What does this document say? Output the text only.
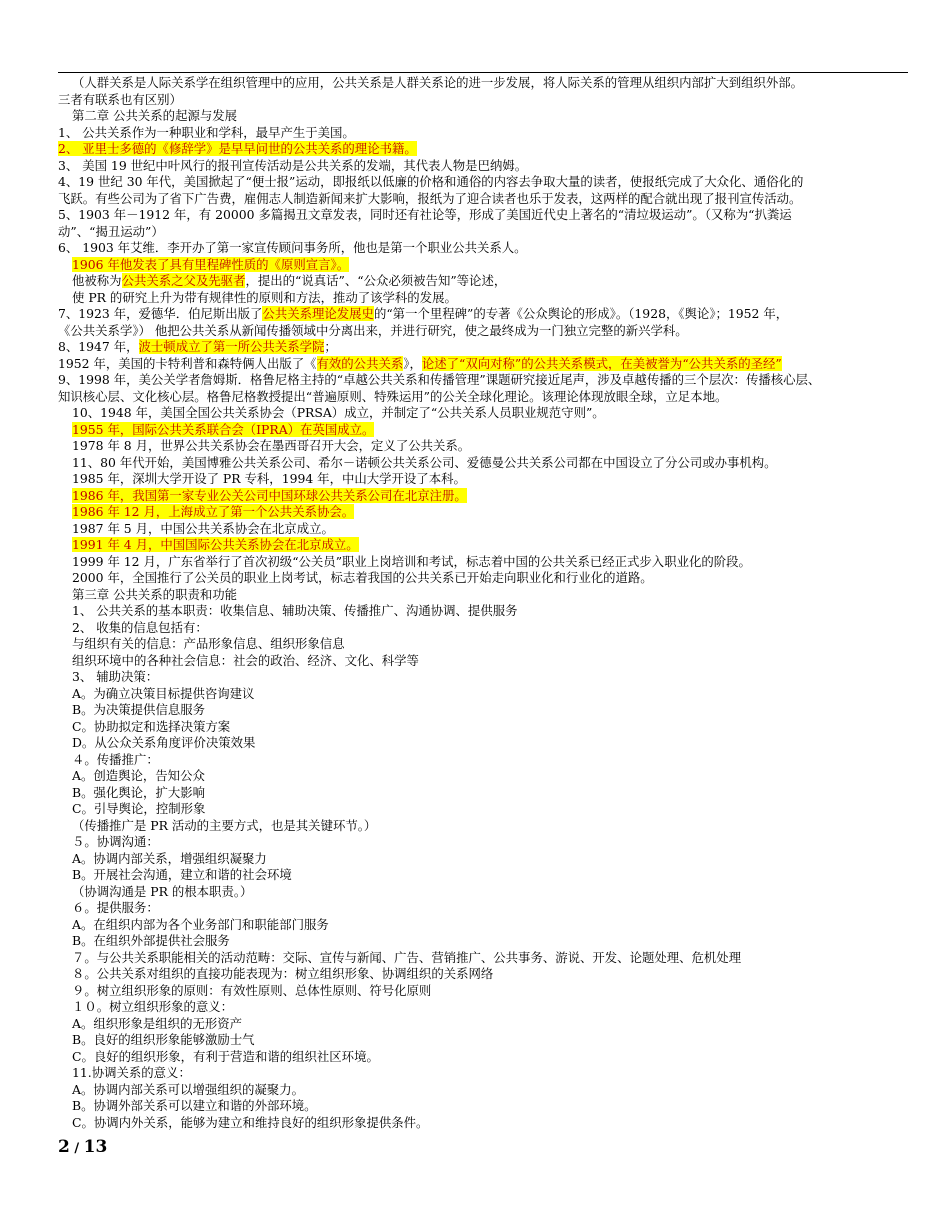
（人群关系是人际关系学在组织管理中的应用，公共关系是人群关系论的进一步发展，将人际关系的管理从组织内部扩大到组织外部。
三者有联系也有区别）
第二章 公共关系的起源与发展
1、 公共关系作为一种职业和学科，最早产生于美国。
2、 亚里士多德的《修辞学》是早早问世的公共关系的理论书籍。
3、 美国 19 世纪中叶风行的报刊宣传活动是公共关系的发端，其代表人物是巴纳姆。
4、19 世纪 30 年代，美国掀起了“便士报”运动，即报纸以低廉的价格和通俗的内容去争取大量的读者，使报纸完成了大众化、通俗化的
飞跃。有些公司为了省下广告费，雇佣志人制造新闻来扩大影响，报纸为了迎合读者也乐于发表，这两样的配合就出现了报刊宣传活动。
5、1903 年－1912 年，有 20000 多篇揭丑文章发表，同时还有社论等，形成了美国近代史上著名的“清垃圾运动”。（又称为“扒粪运
动”、“揭丑运动”）
6、 1903 年艾维．李开办了第一家宣传顾问事务所，他也是第一个职业公共关系人。
1906 年他发表了具有里程碑性质的《原则宣言》。
他被称为公共关系之父及先驱者，提出的“说真话”、“公众必须被告知”等论述，
使 PR 的研究上升为带有规律性的原则和方法，推动了该学科的发展。
7、1923 年，爱德华．伯尼斯出版了公共关系理论发展史的“第一个里程碑”的专著《公众舆论的形成》。（1928，《舆论》；1952 年，
《公共关系学》） 他把公共关系从新闻传播领域中分离出来，并进行研究，使之最终成为一门独立完整的新兴学科。
8、1947 年，波士顿成立了第一所公共关系学院；
1952 年，美国的卡特利普和森特俩人出版了《有效的公共关系》，论述了“双向对称”的公共关系模式，在美被誉为“公共关系的圣经”
9、1998 年，美公关学者詹姆斯．格鲁尼格主持的“卓越公共关系和传播管理”课题研究接近尾声，涉及卓越传播的三个层次：传播核心层、
知识核心层、文化核心层。格鲁尼格教授提出“普遍原则、特殊运用”的公关全球化理论。该理论体现放眼全球，立足本地。
10、1948 年，美国全国公共关系协会（PRSA）成立，并制定了“公共关系人员职业规范守则”。
1955 年，国际公共关系联合会（IPRA）在英国成立。
1978 年 8 月，世界公共关系协会在墨西哥召开大会，定义了公共关系。
11、80 年代开始，美国博雅公共关系公司、希尔－诺顿公共关系公司、爱德曼公共关系公司都在中国设立了分公司或办事机构。
1985 年，深圳大学开设了 PR 专科，1994 年，中山大学开设了本科。
1986 年，我国第一家专业公关公司中国环球公共关系公司在北京注册。
1986 年 12 月，上海成立了第一个公共关系协会。
1987 年 5 月，中国公共关系协会在北京成立。
1991 年 4 月，中国国际公共关系协会在北京成立。
1999 年 12 月，广东省举行了首次初级“公关员”职业上岗培训和考试，标志着中国的公共关系已经正式步入职业化的阶段。
2000 年，全国推行了公关员的职业上岗考试，标志着我国的公共关系已开始走向职业化和行业化的道路。
第三章 公共关系的职责和功能
1、 公共关系的基本职责：收集信息、辅助决策、传播推广、沟通协调、提供服务
2、 收集的信息包括有：
与组织有关的信息：产品形象信息、组织形象信息
组织环境中的各种社会信息：社会的政治、经济、文化、科学等
3、 辅助决策：
A。为确立决策目标提供咨询建议
B。为决策提供信息服务
C。协助拟定和选择决策方案
D。从公众关系角度评价决策效果
４。传播推广：
A。创造舆论，告知公众
B。强化舆论，扩大影响
C。引导舆论，控制形象
（传播推广是 PR 活动的主要方式，也是其关键环节。）
５。协调沟通：
A。协调内部关系，增强组织凝聚力
B。开展社会沟通，建立和谐的社会环境
（协调沟通是 PR 的根本职责。）
６。提供服务：
A。在组织内部为各个业务部门和职能部门服务
B。在组织外部提供社会服务
７。与公共关系职能相关的活动范畴：交际、宣传与新闻、广告、营销推广、公共事务、游说、开发、论题处理、危机处理
８。公共关系对组织的直接功能表现为：树立组织形象、协调组织的关系网络
９。树立组织形象的原则：有效性原则、总体性原则、符号化原则
１０。树立组织形象的意义：
A。组织形象是组织的无形资产
B。良好的组织形象能够激励士气
C。良好的组织形象，有利于营造和谐的组织社区环境。
11.协调关系的意义：
A。协调内部关系可以增强组织的凝聚力。
B。协调外部关系可以建立和谐的外部环境。
C。协调内外关系，能够为建立和维持良好的组织形象提供条件。
2 / 13
